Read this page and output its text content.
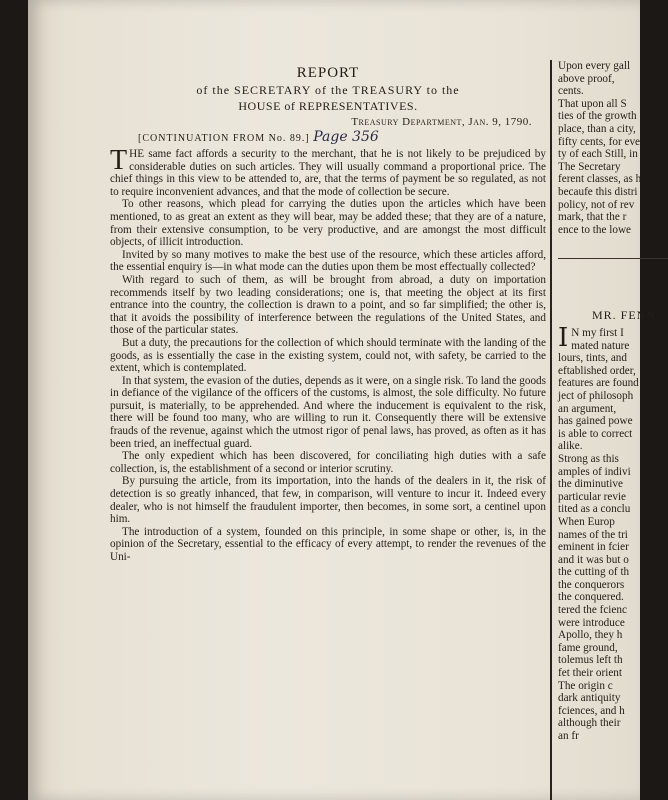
REPORT
of the SECRETARY of the TREASURY to the
HOUSE of REPRESENTATIVES.
Treasury Department, Jan. 9, 1790.
[CONTINUATION FROM No. 89.] Page 356

THE same fact affords a security to the merchant, that he is not likely to be prejudiced by considerable duties on such articles. They will usually command a proportional price. The chief things in this view to be attended to, are, that the terms of payment be so regulated, as not to require inconvenient advances, and that the mode of collection be secure.

To other reasons, which plead for carrying the duties upon the articles which have been mentioned, to as great an extent as they will bear, may be added these; that they are of a nature, from their extensive consumption, to be very productive, and are amongst the most difficult objects, of illicit introduction.

Invited by so many motives to make the best use of the resource, which these articles afford, the essential enquiry is—in what mode can the duties upon them be most effectually collected?

With regard to such of them, as will be brought from abroad, a duty on importation recommends itself by two leading considerations; one is, that meeting the object at its first entrance into the country, the collection is drawn to a point, and so far simplified; the other is, that it avoids the possibility of interference between the regulations of the United States, and those of the particular states.

But a duty, the precautions for the collection of which should terminate with the landing of the goods, as is essentially the case in the existing system, could not, with safety, be carried to the extent, which is contemplated.

In that system, the evasion of the duties, depends as it were, on a single risk. To land the goods in defiance of the vigilance of the officers of the customs, is almost, the sole difficulty. No future pursuit, is materially, to be apprehended. And where the inducement is equivalent to the risk, there will be found too many, who are willing to run it. Consequently there will be extensive frauds of the revenue, against which the utmost rigor of penal laws, has proved, as often as it has been tried, an ineffectual guard.

The only expedient which has been discovered, for conciliating high duties with a safe collection, is, the establishment of a second or interior scrutiny.

By pursuing the article, from its importation, into the hands of the dealers in it, the risk of detection is so greatly inhanced, that few, in comparison, will venture to incur it. Indeed every dealer, who is not himself the fraudulent importer, then becomes, in some sort, a centinel upon him.

The introduction of a system, founded on this principle, in some shape or other, is, in the opinion of the Secretary, essential to the efficacy of every attempt, to render the revenues of the Uni-

Upon every gall
above proof,
cents.
That upon all S
ties of the growth
place, than a city,
fifty cents, for eve
ty of each Still, in
The Secretary
ferent classes, as h
becaufe this distri
policy, not of rev
mark, that the r
ence to the lowe
MR. FENN
I N my first I
mated nature
lours, tints, and
eftablished order,
features are found
ject of philosoph
an argument,
has gained powe
is able to correct
alike.
Strong as this
amples of indivi
the diminutive
particular revie
tited as a conclu
When Europ
names of the tri
eminent in fcier
and it was but o
the cutting of th
the conquerors
the conquered.
tered the fcienc
were introduce
Apollo, they h
fame ground,
tolemus left th
fet their orient
The origin c
dark antiquity
fciences, and h
although their
an fr
